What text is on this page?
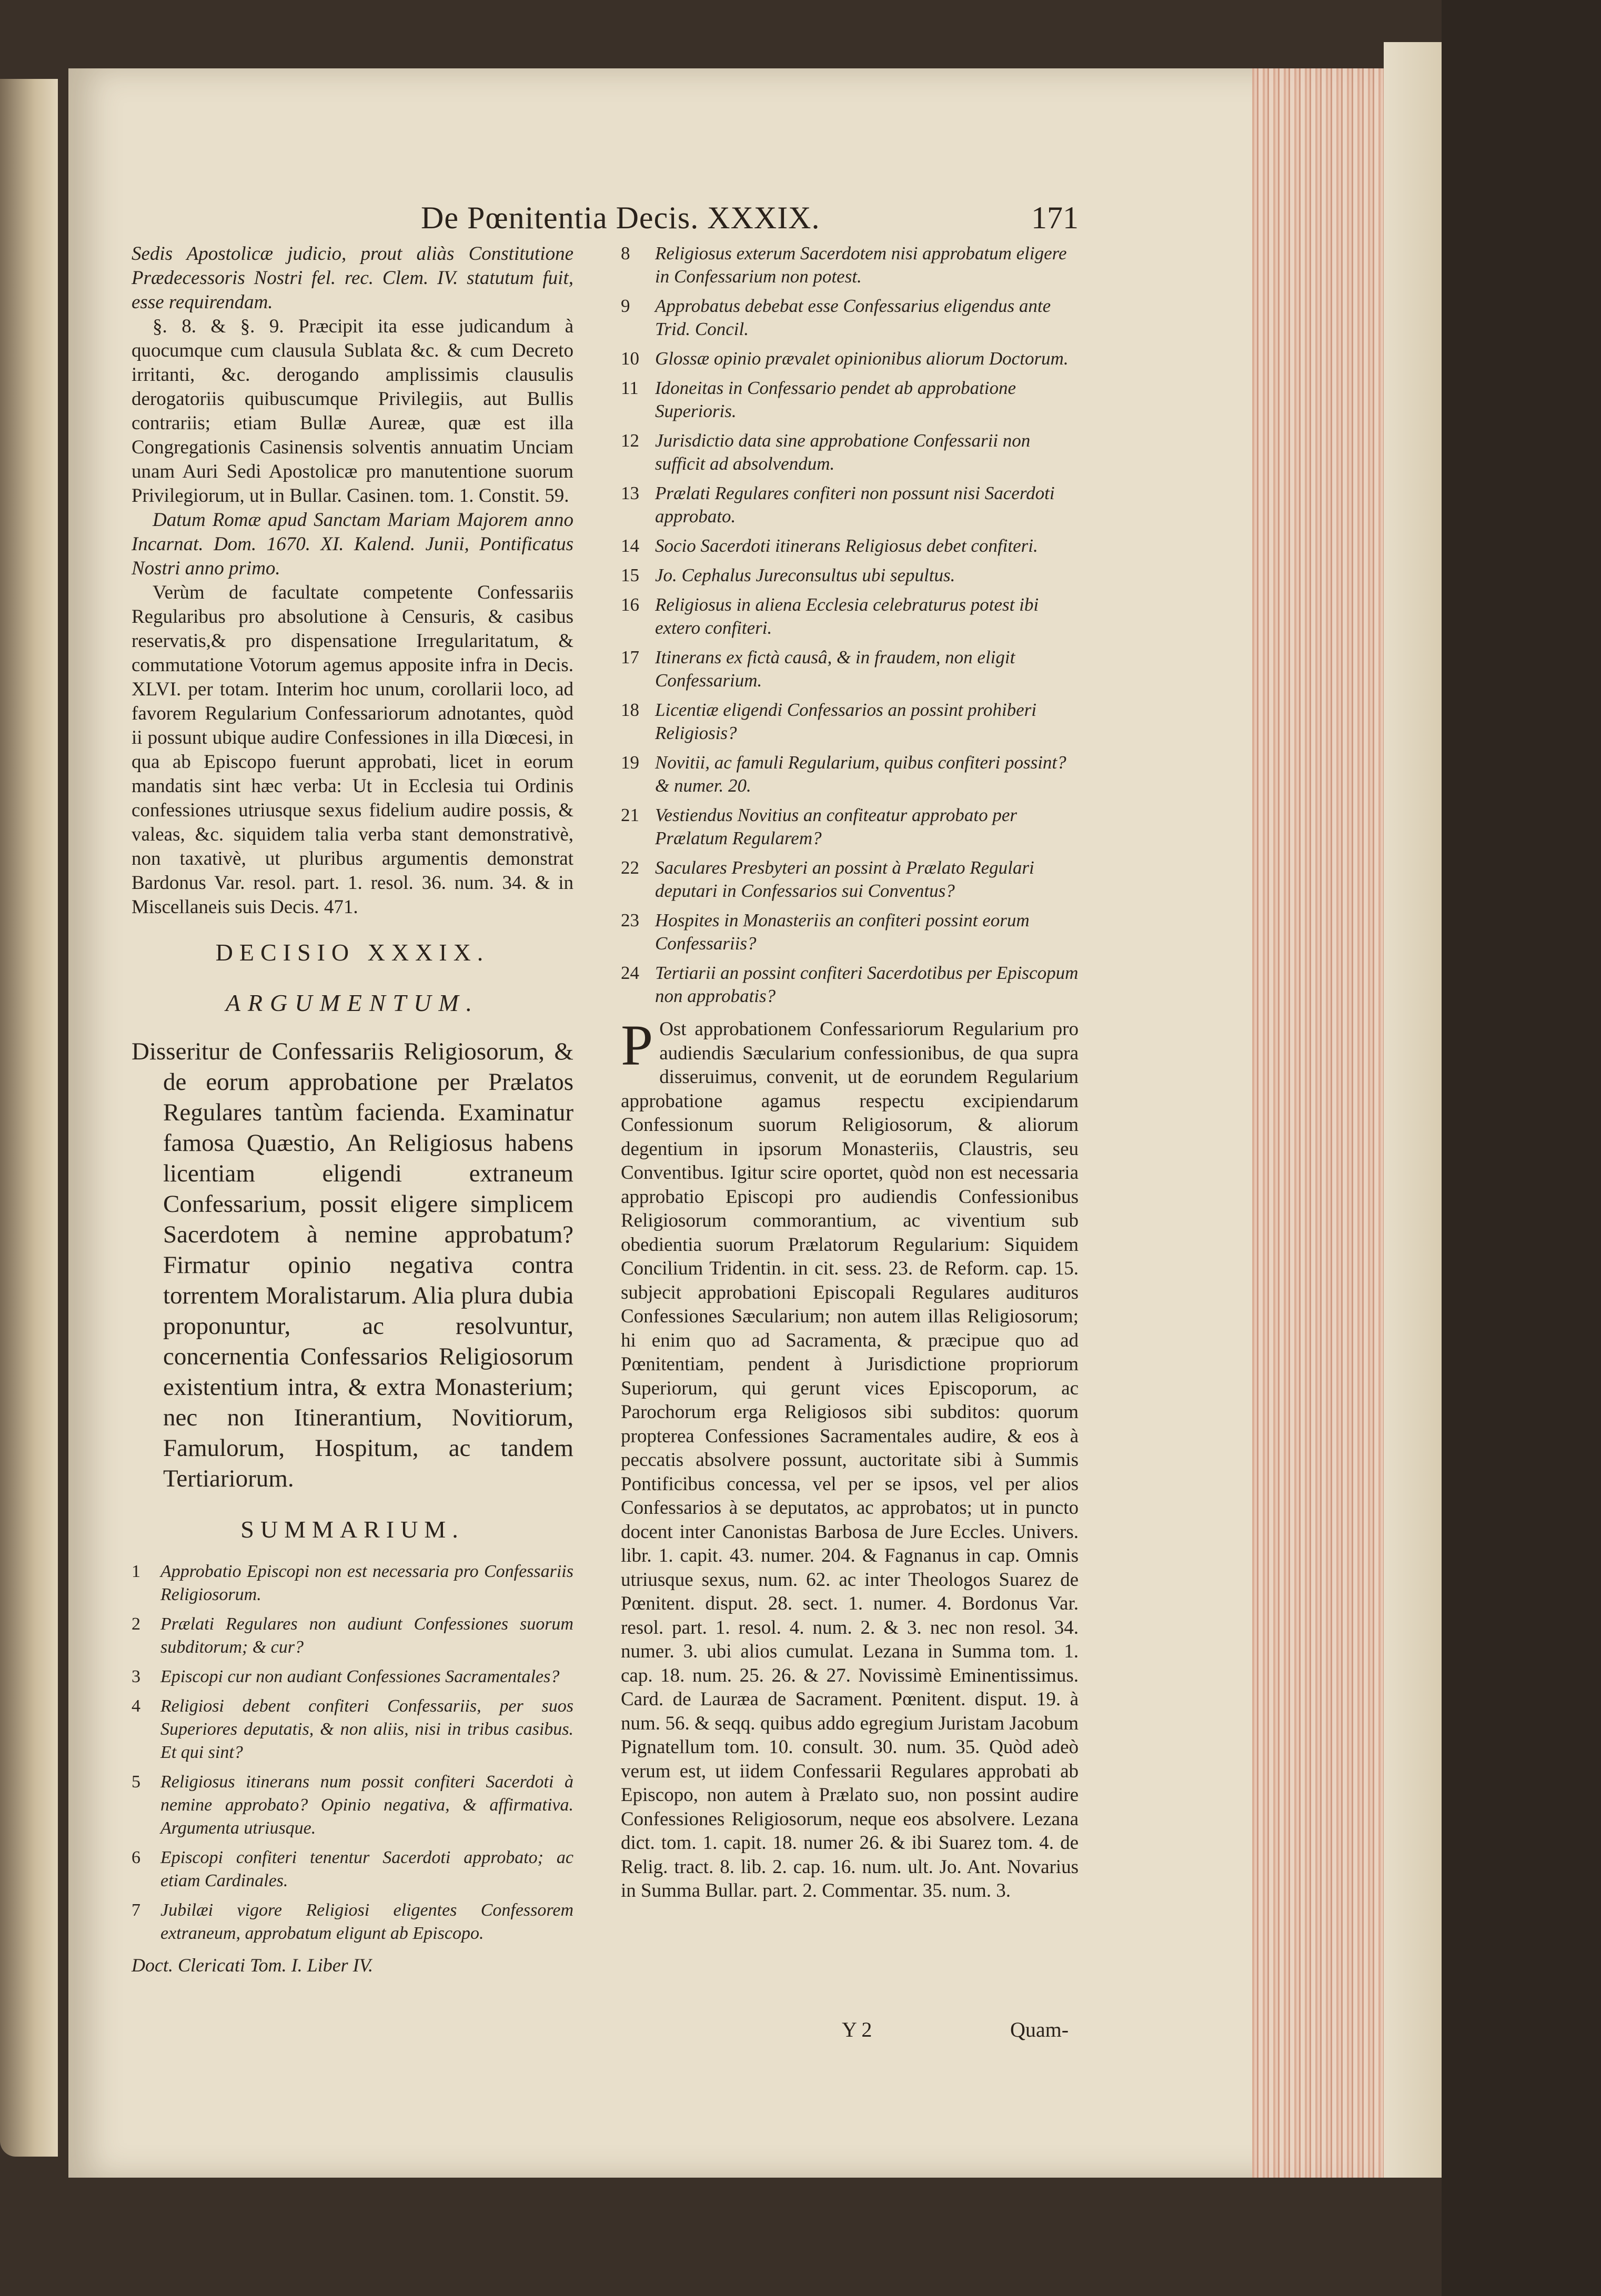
De Pœnitentia Decis. XXXIX.	171

Sedis Apostolicæ judicio, prout aliàs Constitutione Prædecessoris Nostri fel. rec. Clem. IV. statutum fuit, esse requirendam.

§. 8. & §. 9. Præcipit ita esse judicandum à quocumque cum clausula Sublata &c. & cum Decreto irritanti, &c. derogando amplissimis clausulis derogatoriis quibuscumque Privilegiis, aut Bullis contrariis; etiam Bullæ Aureæ, quæ est illa Congregationis Casinensis solventis annuatim Unciam unam Auri Sedi Apostolicæ pro manutentione suorum Privilegiorum, ut in Bullar. Casinen. tom. 1. Constit. 59.

Datum Romæ apud Sanctam Mariam Majorem anno Incarnat. Dom. 1670. XI. Kalend. Junii, Pontificatus Nostri anno primo.

Verùm de facultate competente Confessariis Regularibus pro absolutione à Censuris, & casibus reservatis,& pro dispensatione Irregularitatum, & commutatione Votorum agemus apposite infra in Decis. XLVI. per totam. Interim hoc unum, corollarii loco, ad favorem Regularium Confessariorum adnotantes, quòd ii possunt ubique audire Confessiones in illa Diœcesi, in qua ab Episcopo fuerunt approbati, licet in eorum mandatis sint hæc verba: Ut in Ecclesia tui Ordinis confessiones utriusque sexus fidelium audire possis, & valeas, &c. siquidem talia verba stant demonstrativè, non taxativè, ut pluribus argumentis demonstrat Bardonus Var. resol. part. 1. resol. 36. num. 34. & in Miscellaneis suis Decis. 471.

DECISIO XXXIX.
ARGUMENTUM.
Disseritur de Confessariis Religiosorum, & de eorum approbatione per Prælatos Regulares tantùm facienda. Examinatur famosa Quæstio, An Religiosus habens licentiam eligendi extraneum Confessarium, possit eligere simplicem Sacerdotem à nemine approbatum? Firmatur opinio negativa contra torrentem Moralistarum. Alia plura dubia proponuntur, ac resolvuntur, concernentia Confessarios Religiosorum existentium intra, & extra Monasterium; nec non Itinerantium, Novitiorum, Famulorum, Hospitum, ac tandem Tertiariorum.
SUMMARIUM.
1	Approbatio Episcopi non est necessaria pro Confessariis Religiosorum.
2	Prælati Regulares non audiunt Confessiones suorum subditorum; & cur?
3	Episcopi cur non audiant Confessiones Sacramentales?
4	Religiosi debent confiteri Confessariis, per suos Superiores deputatis, & non aliis, nisi in tribus casibus. Et qui sint?
5	Religiosus itinerans num possit confiteri Sacerdoti à nemine approbato? Opinio negativa, & affirmativa. Argumenta utriusque.
6	Episcopi confiteri tenentur Sacerdoti approbato; ac etiam Cardinales.
7	Jubilæi vigore Religiosi eligentes Confessorem extraneum, approbatum eligunt ab Episcopo.
Doct. Clericati Tom. I. Liber IV.
8	Religiosus exterum Sacerdotem nisi approbatum eligere in Confessarium non potest.
9	Approbatus debebat esse Confessarius eligendus ante Trid. Concil.
10 Glossæ opinio prævalet opinionibus aliorum Doctorum.
11 Idoneitas in Confessario pendet ab approbatione Superioris.
12 Jurisdictio data sine approbatione Confessarii non sufficit ad absolvendum.
13 Prælati Regulares confiteri non possunt nisi Sacerdoti approbato.
14 Socio Sacerdoti itinerans Religiosus debet confiteri.
15 Jo. Cephalus Jureconsultus ubi sepultus.
16 Religiosus in aliena Ecclesia celebraturus potest ibi extero confiteri.
17 Itinerans ex fictà causâ, & in fraudem, non eligit Confessarium.
18 Licentiæ eligendi Confessarios an possint prohiberi Religiosis?
19 Novitii, ac famuli Regularium, quibus confiteri possint? & numer. 20.
21 Vestiendus Novitius an confiteatur approbato per Prælatum Regularem?
22 Saculares Presbyteri an possint à Prælato Regulari deputari in Confessarios sui Conventus?
23 Hospites in Monasteriis an confiteri possint eorum Confessariis?
24 Tertiarii an possint confiteri Sacerdotibus per Episcopum non approbatis?
P Ost approbationem Confessariorum Regularium pro audiendis Sæcularium confessionibus, de qua supra disseruimus, convenit, ut de eorundem Regularium approbatione agamus respectu excipiendarum Confessionum suorum Religiosorum, & aliorum degentium in ipsorum Monasteriis, Claustris, seu Conventibus. Igitur scire oportet, quòd non est necessaria approbatio Episcopi pro audiendis Confessionibus Religiosorum commorantium, ac viventium sub obedientia suorum Prælatorum Regularium: Siquidem Concilium Tridentin. in cit. sess. 23. de Reform. cap. 15. subjecit approbationi Episcopali Regulares audituros Confessiones Sæcularium; non autem illas Religiosorum; hi enim quo ad Sacramenta, & præcipue quo ad Pœnitentiam, pendent à Jurisdictione propriorum Superiorum, qui gerunt vices Episcoporum, ac Parochorum erga Religiosos sibi subditos: quorum propterea Confessiones Sacramentales audire, & eos à peccatis absolvere possunt, auctoritate sibi à Summis Pontificibus concessa, vel per se ipsos, vel per alios Confessarios à se deputatos, ac approbatos; ut in puncto docent inter Canonistas Barbosa de Jure Eccles. Univers. libr. 1. capit. 43. numer. 204. & Fagnanus in cap. Omnis utriusque sexus, num. 62. ac inter Theologos Suarez de Pœnitent. disput. 28. sect. 1. numer. 4. Bordonus Var. resol. part. 1. resol. 4. num. 2. & 3. nec non resol. 34. numer. 3. ubi alios cumulat. Lezana in Summa tom. 1. cap. 18. num. 25. 26. & 27. Novissimè Eminentissimus. Card. de Lauræa de Sacrament. Pœnitent. disput. 19. à num. 56. & seqq. quibus addo egregium Juristam Jacobum Pignatellum tom. 10. consult. 30. num. 35. Quòd adeò verum est, ut iidem Confessarii Regulares approbati ab Episcopo, non autem à Prælato suo, non possint audire Confessiones Religiosorum, neque eos absolvere. Lezana dict. tom. 1. capit. 18. numer 26. & ibi Suarez tom. 4. de Relig. tract. 8. lib. 2. cap. 16. num. ult. Jo. Ant. Novarius in Summa Bullar. part. 2. Commentar. 35. num. 3.
Y 2	Quam-
